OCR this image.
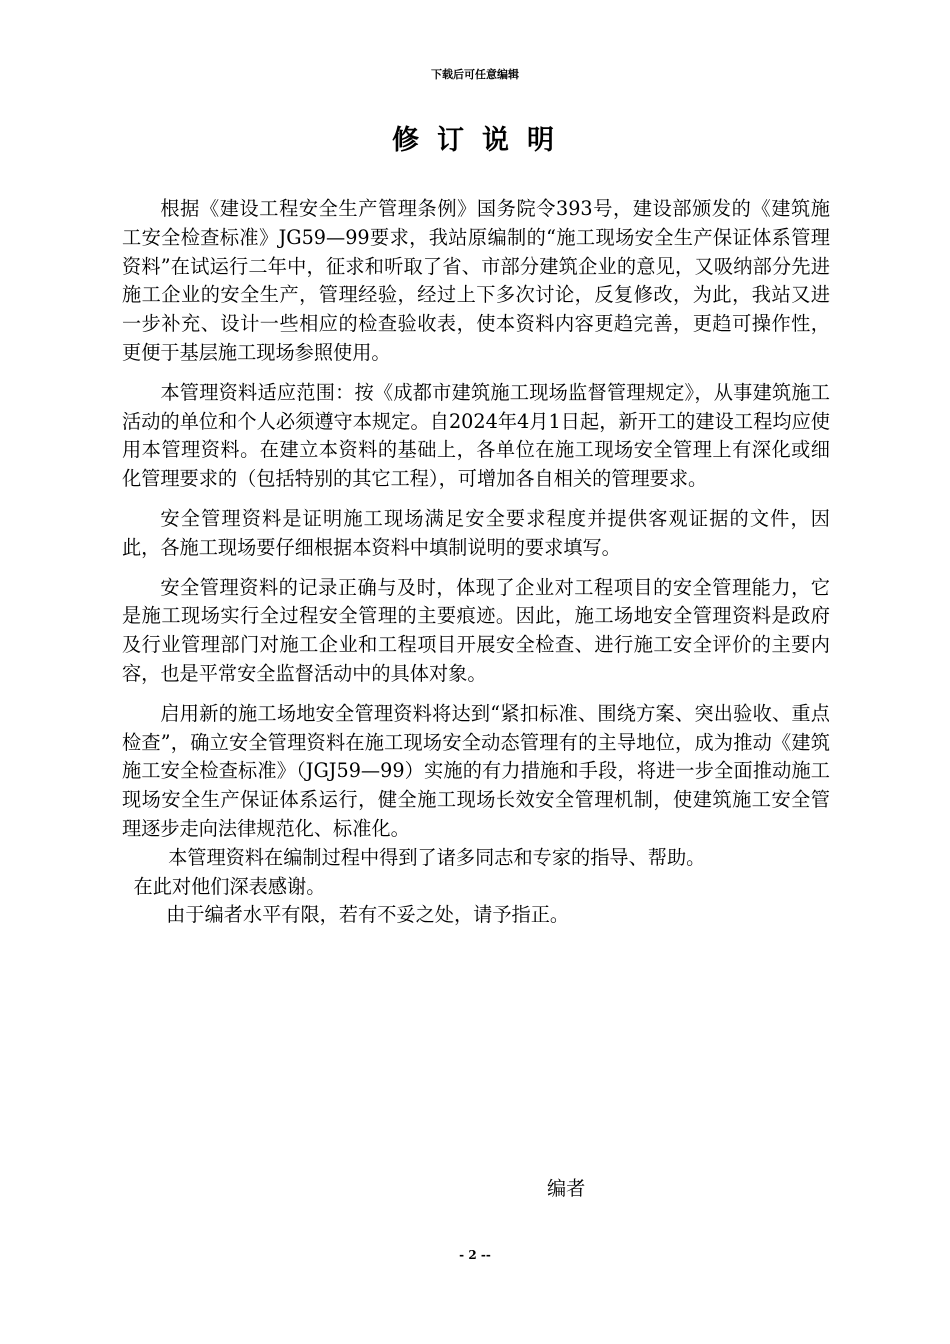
下载后可任意编辑
修订说明

根据《建设工程安全生产管理条例》国务院令393号，建设部颁发的《建筑施工安全检查标准》JG59—99要求，我站原编制的“施工现场安全生产保证体系管理资料”在试运行二年中，征求和听取了省、市部分建筑企业的意见，又吸纳部分先进施工企业的安全生产，管理经验，经过上下多次讨论，反复修改，为此，我站又进一步补充、设计一些相应的检查验收表，使本资料内容更趋完善，更趋可操作性，更便于基层施工现场参照使用。

本管理资料适应范围：按《成都市建筑施工现场监督管理规定》，从事建筑施工活动的单位和个人必须遵守本规定。自2024年4月1日起，新开工的建设工程均应使用本管理资料。在建立本资料的基础上，各单位在施工现场安全管理上有深化或细化管理要求的（包括特别的其它工程），可增加各自相关的管理要求。

安全管理资料是证明施工现场满足安全要求程度并提供客观证据的文件，因此，各施工现场要仔细根据本资料中填制说明的要求填写。

安全管理资料的记录正确与及时，体现了企业对工程项目的安全管理能力，它是施工现场实行全过程安全管理的主要痕迹。因此，施工场地安全管理资料是政府及行业管理部门对施工企业和工程项目开展安全检查、进行施工安全评价的主要内容，也是平常安全监督活动中的具体对象。

启用新的施工场地安全管理资料将达到“紧扣标准、围绕方案、突出验收、重点检查”，确立安全管理资料在施工现场安全动态管理有的主导地位，成为推动《建筑施工安全检查标准》（JGJ59—99）实施的有力措施和手段，将进一步全面推动施工现场安全生产保证体系运行，健全施工现场长效安全管理机制，使建筑施工安全管理逐步走向法律规范化、标准化。

本管理资料在编制过程中得到了诸多同志和专家的指导、帮助。

在此对他们深表感谢。

由于编者水平有限，若有不妥之处，请予指正。

编者
- 2 --
